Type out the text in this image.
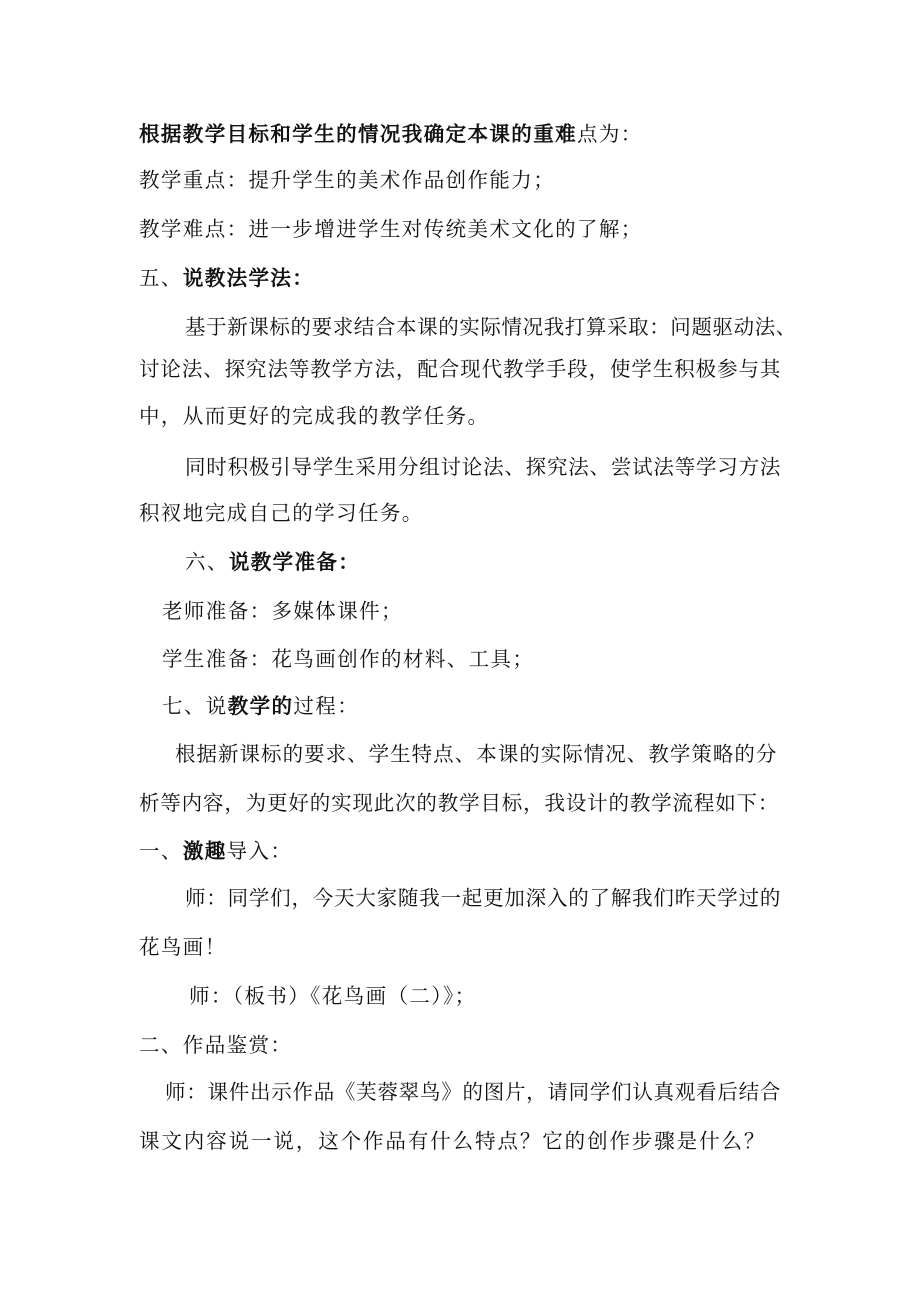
根据教学目标和学生的情况我确定本课的重难点为：
教学重点：提升学生的美术作品创作能力；
教学难点：进一步增进学生对传统美术文化的了解；
五、说教法学法：
基于新课标的要求结合本课的实际情况我打算采取：问题驱动法、
讨论法、探究法等教学方法，配合现代教学手段，使学生积极参与其
中，从而更好的完成我的教学任务。
同时积极引导学生采用分组讨论法、探究法、尝试法等学习方法
积衩地完成自己的学习任务。
六、说教学准备：
老师准备：多媒体课件；
学生准备：花鸟画创作的材料、工具；
七、说教学的过程：
根据新课标的要求、学生特点、本课的实际情况、教学策略的分
析等内容，为更好的实现此次的教学目标，我设计的教学流程如下：
一、激趣导入：
师：同学们，今天大家随我一起更加深入的了解我们昨天学过的
花鸟画！
师：（板书）《花鸟画（二）》；
二、作品鉴赏：
师：课件出示作品《芙蓉翠鸟》的图片，请同学们认真观看后结合
课文内容说一说，这个作品有什么特点？它的创作步骤是什么？
